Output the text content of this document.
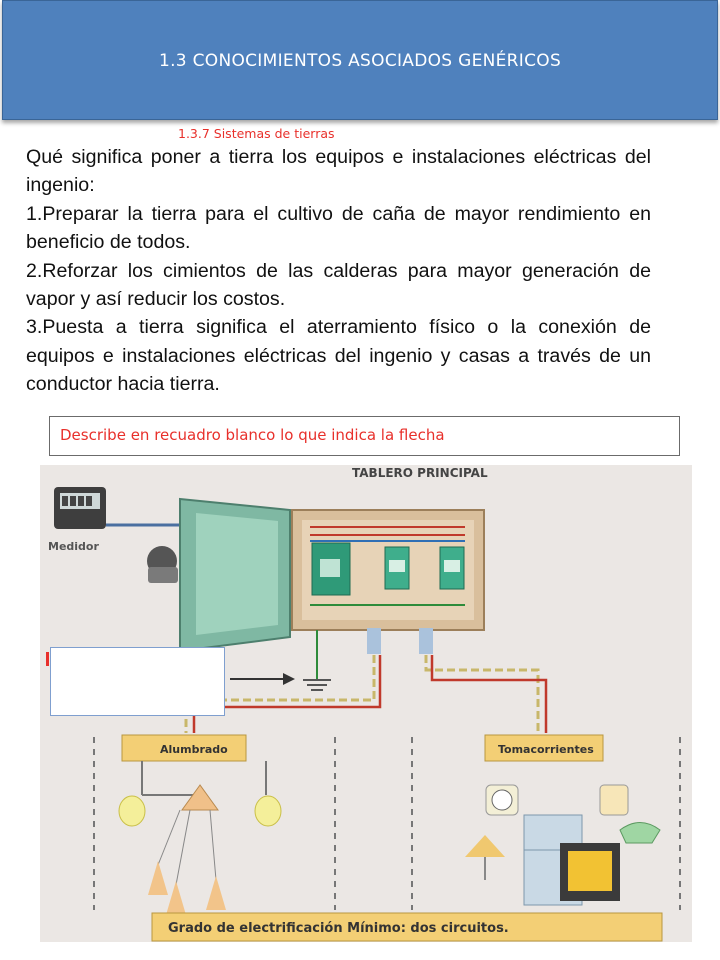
1.3 CONOCIMIENTOS ASOCIADOS GENÉRICOS
1.3.7 Sistemas de tierras

Qué significa poner a tierra los equipos e instalaciones eléctricas del ingenio:

1.Preparar la tierra para el cultivo de caña de mayor rendimiento en beneficio de todos.

2.Reforzar los cimientos de las calderas para mayor generación de vapor y así reducir los costos.

3.Puesta a tierra significa el aterramiento físico o la conexión de equipos e instalaciones eléctricas del ingenio y casas a través de un conductor hacia tierra.

Describe en recuadro blanco lo que indica la flecha
TABLERO PRINCIPAL
Medidor
Alumbrado	Tomacorrientes
Grado de electrificación Mínimo: dos circuitos.
